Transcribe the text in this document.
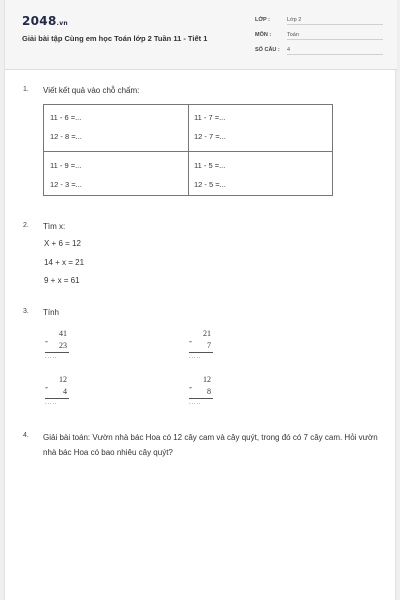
2048.vn
Giải bài tập Cùng em học Toán lớp 2 Tuần 11 - Tiết 1
LỚP :	Lớp 2
MÔN :	Toán
SỐ CÂU :	4
1. Viết kết quả vào chỗ chấm:
11 - 6 =...
12 - 8 =...
11 - 7 =...
12 - 7 =...
11 - 9 =...
12 - 3 =...
11 - 5 =...
12 - 5 =...
2. Tìm x:
X + 6 = 12
14 + x = 21
9 + x = 61
3. Tính
41
- 23
.....
21
- 7
.....
12
- 4
.....
12
- 8
.....
4. Giải bài toán: Vườn nhà bác Hoa có 12 cây cam và cây quýt, trong đó có 7 cây cam. Hỏi vườn nhà bác Hoa có bao nhiêu cây quýt?
